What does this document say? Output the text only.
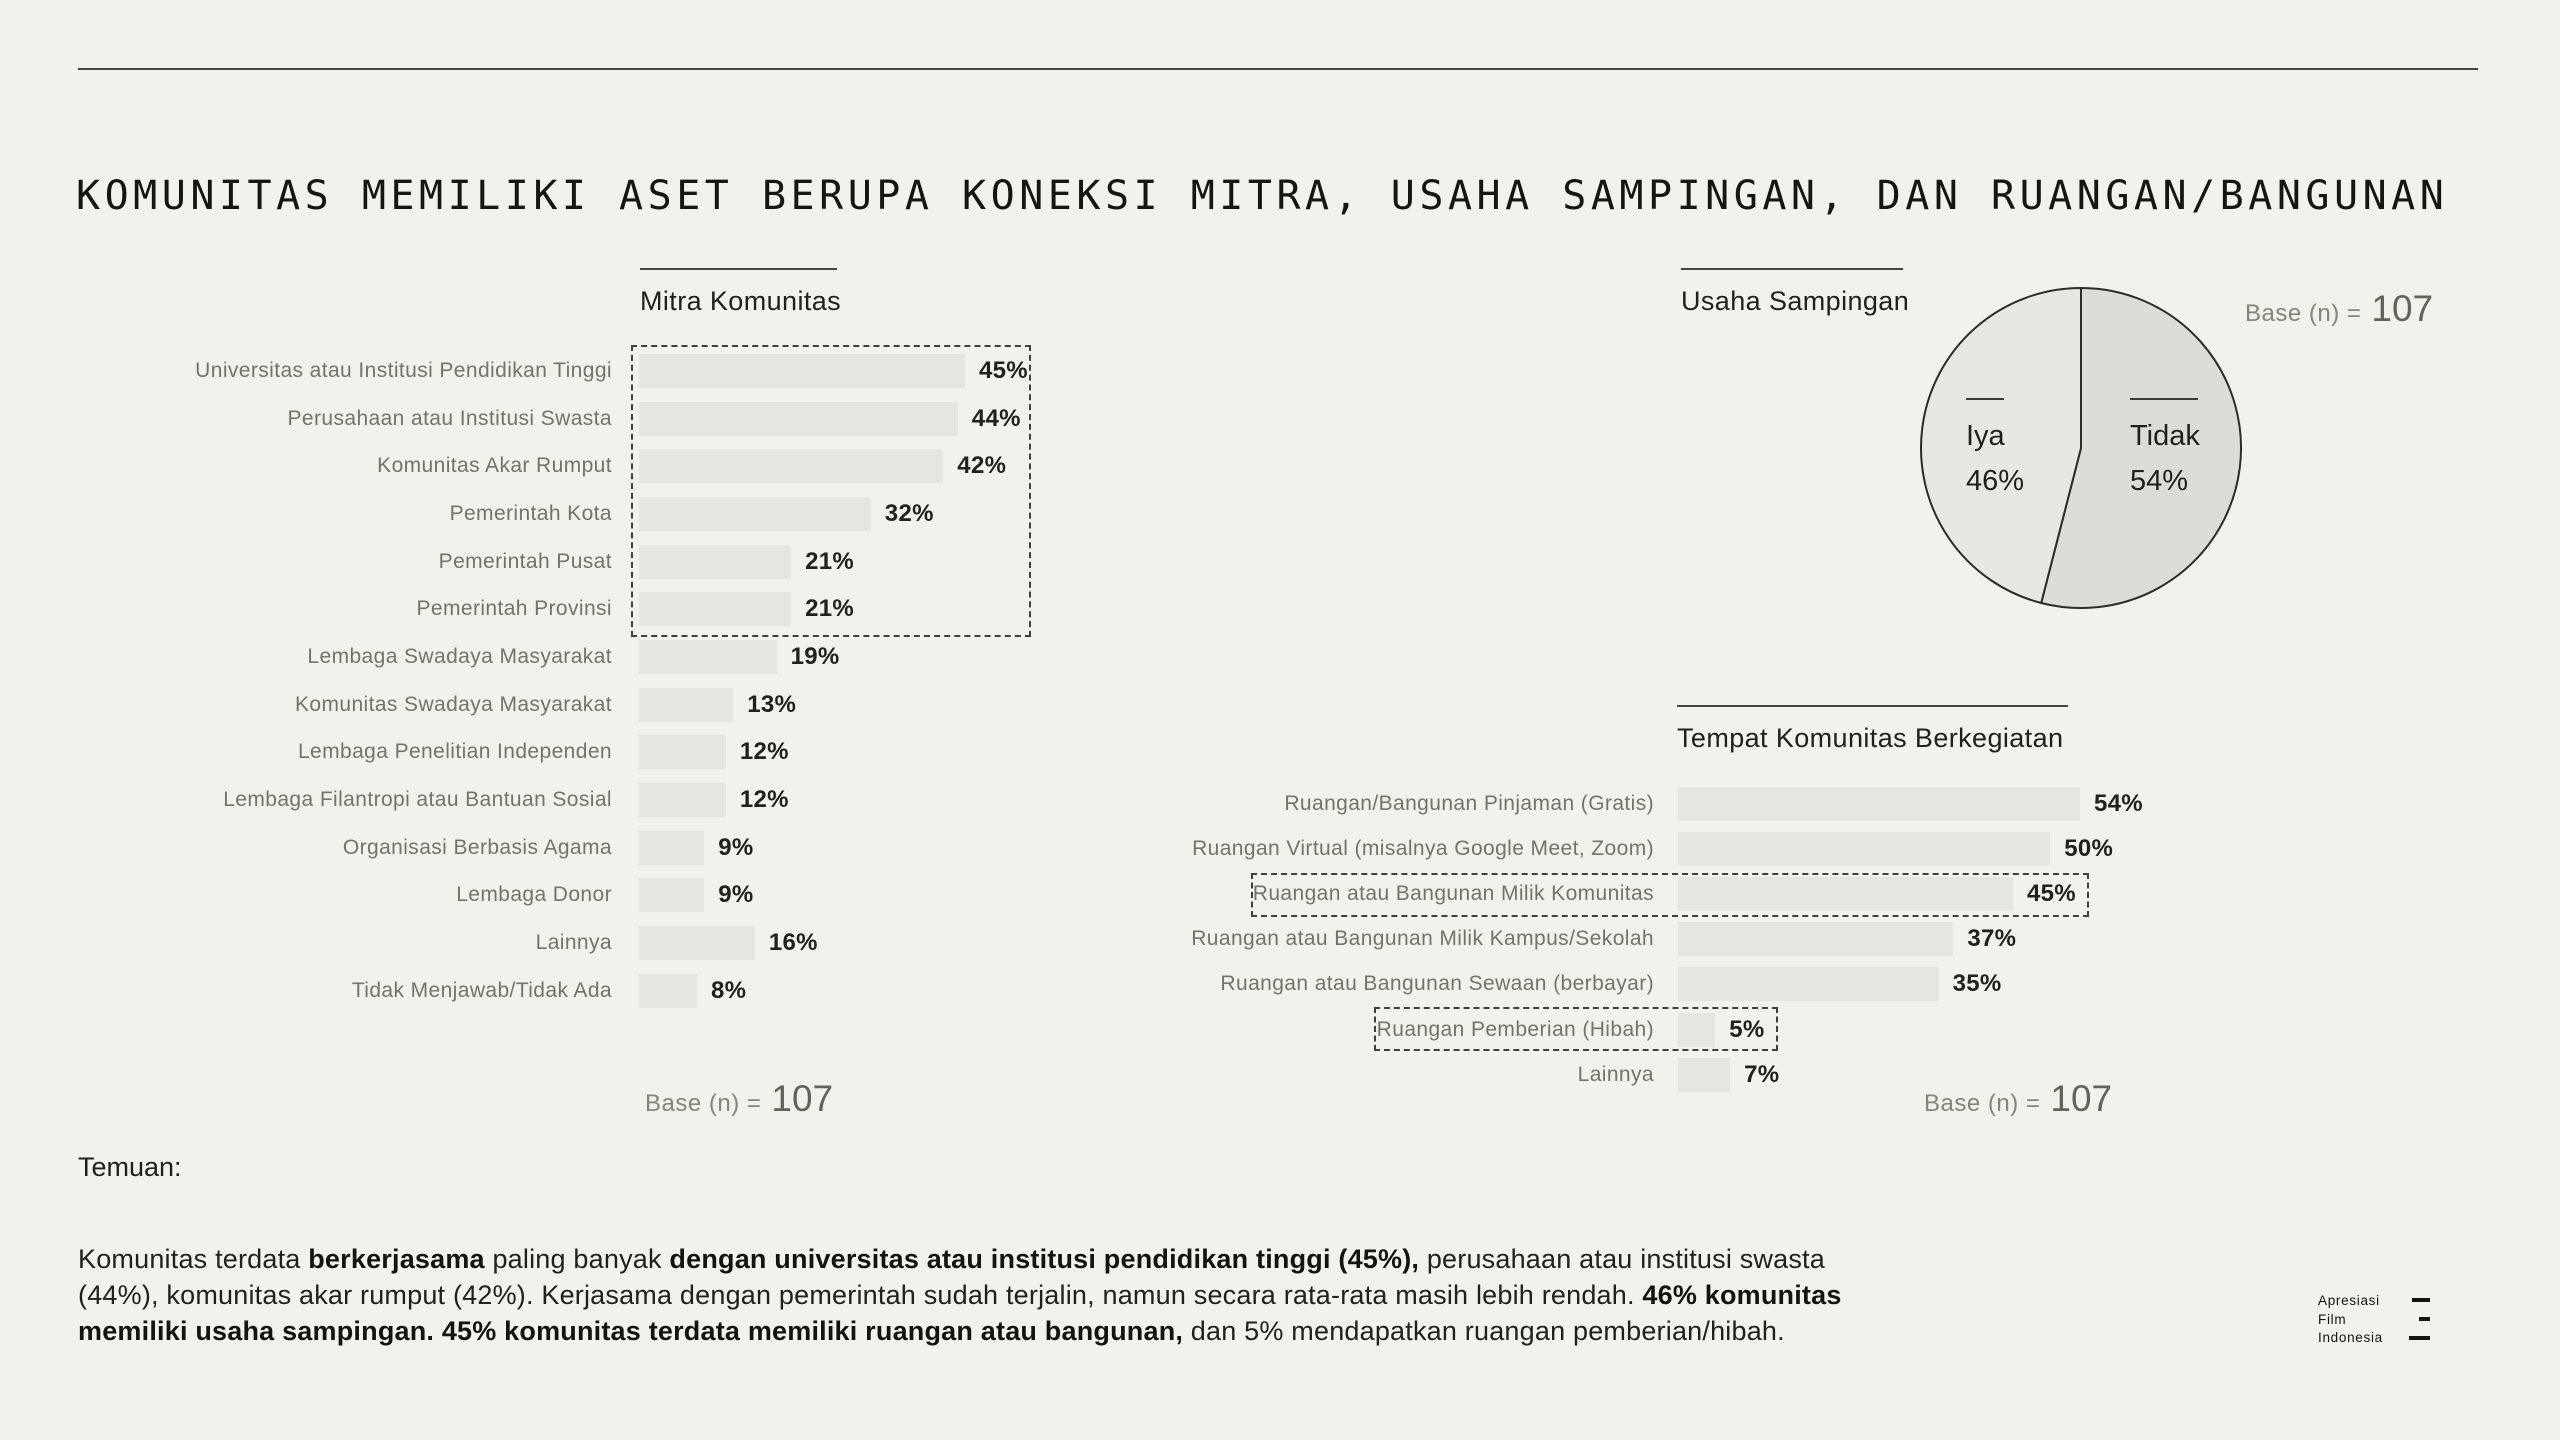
KOMUNITAS MEMILIKI ASET BERUPA KONEKSI MITRA, USAHA SAMPINGAN, DAN RUANGAN/BANGUNAN
Mitra Komunitas
Universitas atau Institusi Pendidikan Tinggi	45%
Perusahaan atau Institusi Swasta	44%
Komunitas Akar Rumput	42%
Pemerintah Kota	32%
Pemerintah Pusat	21%
Pemerintah Provinsi	21%
Lembaga Swadaya Masyarakat	19%
Komunitas Swadaya Masyarakat	13%
Lembaga Penelitian Independen	12%
Lembaga Filantropi atau Bantuan Sosial	12%
Organisasi Berbasis Agama	9%
Lembaga Donor	9%
Lainnya	16%
Tidak Menjawab/Tidak Ada	8%
Base (n) = 107
Usaha Sampingan
Iya
46%
Tidak
54%
Base (n) = 107
Tempat Komunitas Berkegiatan
Ruangan/Bangunan Pinjaman (Gratis)	54%
Ruangan Virtual (misalnya Google Meet, Zoom)	50%
Ruangan atau Bangunan Milik Komunitas	45%
Ruangan atau Bangunan Milik Kampus/Sekolah	37%
Ruangan atau Bangunan Sewaan (berbayar)	35%
Ruangan Pemberian (Hibah)	5%
Lainnya	7%
Base (n) = 107
Temuan:

Komunitas terdata berkerjasama paling banyak dengan universitas atau institusi pendidikan tinggi (45%), perusahaan atau institusi swasta (44%), komunitas akar rumput (42%). Kerjasama dengan pemerintah sudah terjalin, namun secara rata-rata masih lebih rendah. 46% komunitas memiliki usaha sampingan. 45% komunitas terdata memiliki ruangan atau bangunan, dan 5% mendapatkan ruangan pemberian/hibah.

Apresiasi
Film
Indonesia
